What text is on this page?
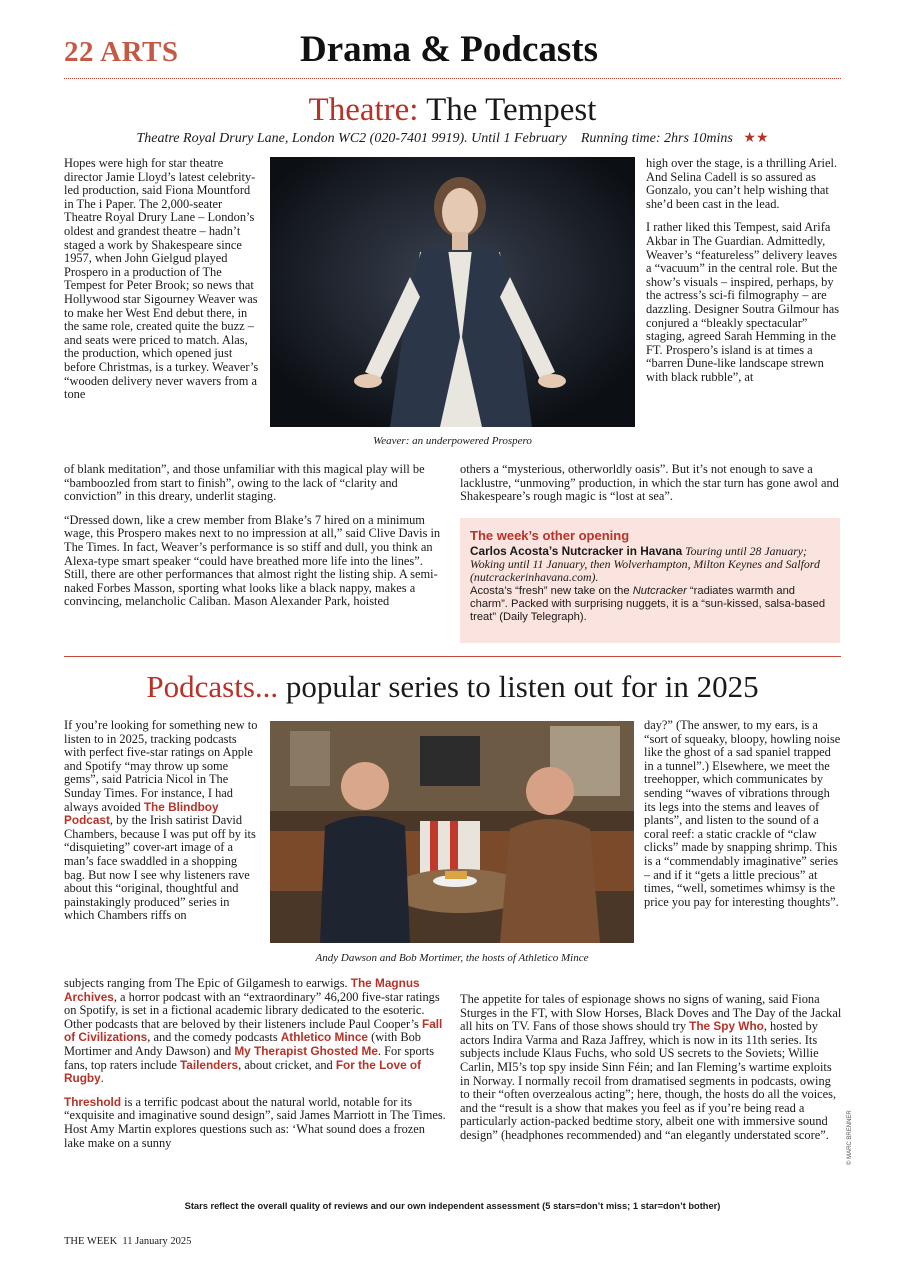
22 ARTS	Drama & Podcasts
Theatre: The Tempest
Theatre Royal Drury Lane, London WC2 (020-7401 9919). Until 1 February Running time: 2hrs 10mins ★★

Hopes were high for star theatre director Jamie Lloyd’s latest celebrity-led production, said Fiona Mountford in The i Paper. The 2,000-seater Theatre Royal Drury Lane – London’s oldest and grandest theatre – hadn’t staged a work by Shakespeare since 1957, when John Gielgud played Prospero in a production of The Tempest for Peter Brook; so news that Hollywood star Sigourney Weaver was to make her West End debut there, in the same role, created quite the buzz – and seats were priced to match. Alas, the production, which opened just before Christmas, is a turkey. Weaver’s “wooden delivery never wavers from a tone

Weaver: an underpowered Prospero

high over the stage, is a thrilling Ariel. And Selina Cadell is so assured as Gonzalo, you can’t help wishing that she’d been cast in the lead.

I rather liked this Tempest, said Arifa Akbar in The Guardian. Admittedly, Weaver’s “featureless” delivery leaves a “vacuum” in the central role. But the show’s visuals – inspired, perhaps, by the actress’s sci-fi filmography – are dazzling. Designer Soutra Gilmour has conjured a “bleakly spectacular” staging, agreed Sarah Hemming in the FT. Prospero’s island is at times a “barren Dune-like landscape strewn with black rubble”, at

of blank meditation”, and those unfamiliar with this magical play will be “bamboozled from start to finish”, owing to the lack of “clarity and conviction” in this dreary, underlit staging.

“Dressed down, like a crew member from Blake’s 7 hired on a minimum wage, this Prospero makes next to no impression at all,” said Clive Davis in The Times. In fact, Weaver’s performance is so stiff and dull, you think an Alexa-type smart speaker “could have breathed more life into the lines”. Still, there are other performances that almost right the listing ship. A semi-naked Forbes Masson, sporting what looks like a black nappy, makes a convincing, melancholic Caliban. Mason Alexander Park, hoisted

others a “mysterious, otherworldly oasis”. But it’s not enough to save a lacklustre, “unmoving” production, in which the star turn has gone awol and Shakespeare’s rough magic is “lost at sea”.

The week’s other opening
Carlos Acosta’s Nutcracker in Havana Touring until 28 January; Woking until 11 January, then Wolverhampton, Milton Keynes and Salford (nutcrackerinhavana.com).
Acosta’s “fresh” new take on the Nutcracker “radiates warmth and charm”. Packed with surprising nuggets, it is a “sun-kissed, salsa-based treat” (Daily Telegraph).
Podcasts... popular series to listen out for in 2025

If you’re looking for something new to listen to in 2025, tracking podcasts with perfect five-star ratings on Apple and Spotify “may throw up some gems”, said Patricia Nicol in The Sunday Times. For instance, I had always avoided The Blindboy Podcast, by the Irish satirist David Chambers, because I was put off by its “disquieting” cover-art image of a man’s face swaddled in a shopping bag. But now I see why listeners rave about this “original, thoughtful and painstakingly produced” series in which Chambers riffs on

Andy Dawson and Bob Mortimer, the hosts of Athletico Mince

day?” (The answer, to my ears, is a “sort of squeaky, bloopy, howling noise like the ghost of a sad spaniel trapped in a tunnel”.) Elsewhere, we meet the treehopper, which communicates by sending “waves of vibrations through its legs into the stems and leaves of plants”, and listen to the sound of a coral reef: a static crackle of “claw clicks” made by snapping shrimp. This is a “commendably imaginative” series – and if it “gets a little precious” at times, “well, sometimes whimsy is the price you pay for interesting thoughts”.

subjects ranging from The Epic of Gilgamesh to earwigs. The Magnus Archives, a horror podcast with an “extraordinary” 46,200 five-star ratings on Spotify, is set in a fictional academic library dedicated to the esoteric. Other podcasts that are beloved by their listeners include Paul Cooper’s Fall of Civilizations, and the comedy podcasts Athletico Mince (with Bob Mortimer and Andy Dawson) and My Therapist Ghosted Me. For sports fans, top raters include Tailenders, about cricket, and For the Love of Rugby.

Threshold is a terrific podcast about the natural world, notable for its “exquisite and imaginative sound design”, said James Marriott in The Times. Host Amy Martin explores questions such as: ‘What sound does a frozen lake make on a sunny

The appetite for tales of espionage shows no signs of waning, said Fiona Sturges in the FT, with Slow Horses, Black Doves and The Day of the Jackal all hits on TV. Fans of those shows should try The Spy Who, hosted by actors Indira Varma and Raza Jaffrey, which is now in its 11th series. Its subjects include Klaus Fuchs, who sold US secrets to the Soviets; Willie Carlin, MI5’s top spy inside Sinn Féin; and Ian Fleming’s wartime exploits in Norway. I normally recoil from dramatised segments in podcasts, owing to their “often overzealous acting”; here, though, the hosts do all the voices, and the “result is a show that makes you feel as if you’re being read a particularly action-packed bedtime story, albeit one with immersive sound design” (headphones recommended) and “an elegantly understated score”.	© MARC BRENNER
Stars reflect the overall quality of reviews and our own independent assessment (5 stars=don’t miss; 1 star=don’t bother)
THE WEEK  11 January 2025
